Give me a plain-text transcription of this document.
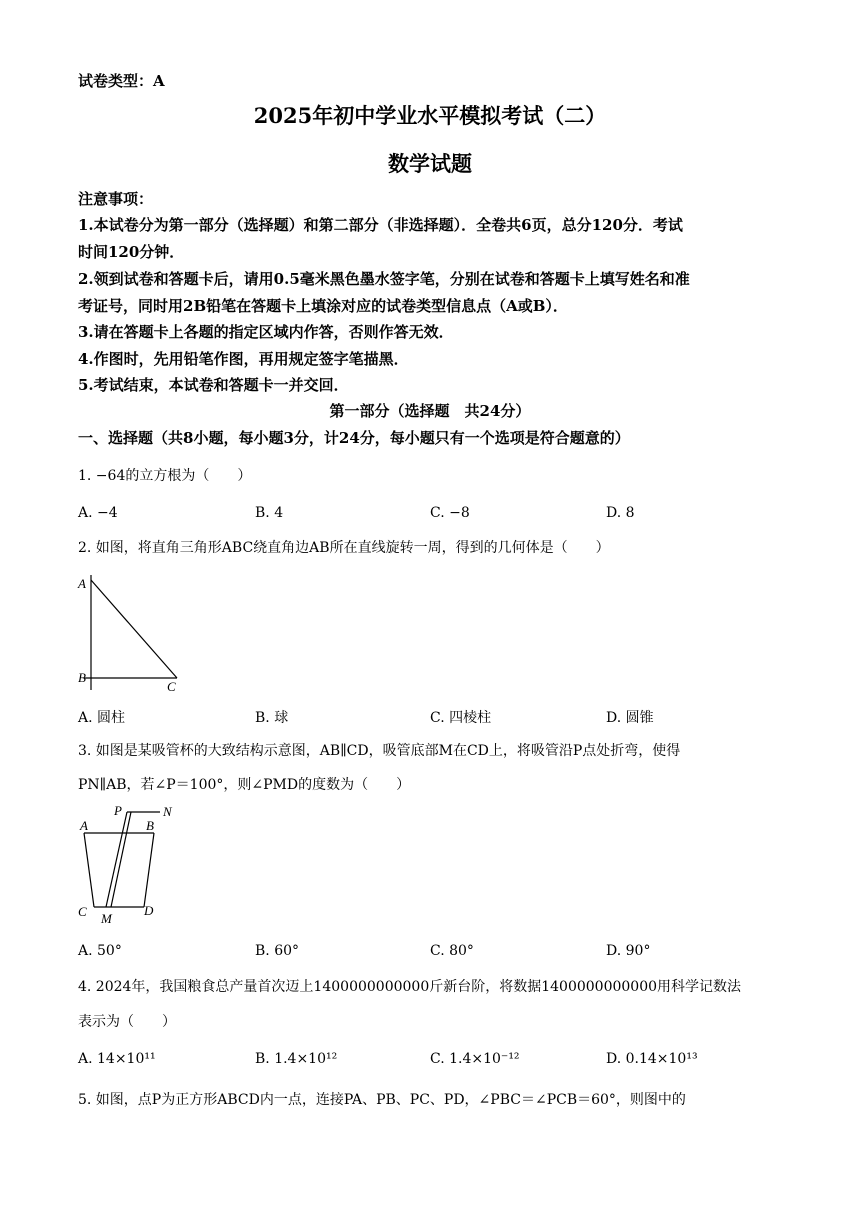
试卷类型：A
2025年初中学业水平模拟考试（二）
数学试题
注意事项：
1.本试卷分为第一部分（选择题）和第二部分（非选择题）．全卷共6页，总分120分．考试
时间120分钟．
2.领到试卷和答题卡后，请用0.5毫米黑色墨水签字笔，分别在试卷和答题卡上填写姓名和准
考证号，同时用2B铅笔在答题卡上填涂对应的试卷类型信息点（A或B）．
3.请在答题卡上各题的指定区域内作答，否则作答无效．
4.作图时，先用铅笔作图，再用规定签字笔描黑．
5.考试结束，本试卷和答题卡一并交回．
第一部分（选择题　共24分）
一、选择题（共8小题，每小题3分，计24分，每小题只有一个选项是符合题意的）
1. −64的立方根为（　　）
A. −4	B. 4	C. −8	D. 8
2. 如图，将直角三角形ABC绕直角边AB所在直线旋转一周，得到的几何体是（　　）
A
B
C
A. 圆柱	B. 球	C. 四棱柱	D. 圆锥
3. 如图是某吸管杯的大致结构示意图，AB∥CD，吸管底部M在CD上，将吸管沿P点处折弯，使得
PN∥AB，若∠P＝100°，则∠PMD的度数为（　　）
P	N
A	B
C M
D
A. 50°	B. 60°	C. 80°	D. 90°
4. 2024年，我国粮食总产量首次迈上1400000000000斤新台阶，将数据1400000000000用科学记数法
表示为（　　）
A. 14×10¹¹	B. 1.4×10¹²	C. 1.4×10⁻¹²	D. 0.14×10¹³
5. 如图，点P为正方形ABCD内一点，连接PA、PB、PC、PD，∠PBC＝∠PCB＝60°，则图中的
